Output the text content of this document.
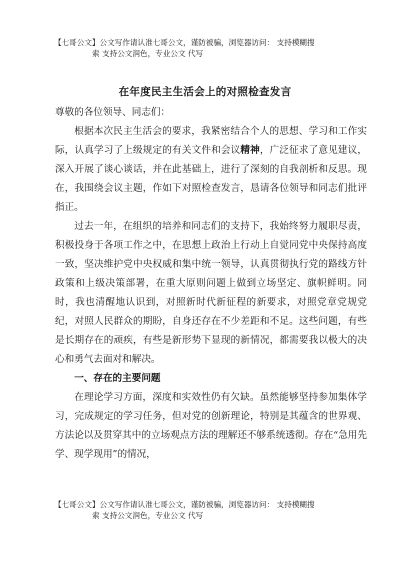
【七哥公文】公文写作请认准七哥公文，谨防被骗，浏览器访问： 支持模糊搜
索 支持公文润色，专业公文 代写
在年度民主生活会上的对照检查发言

尊敬的各位领导、同志们：

根据本次民主生活会的要求，我紧密结合个人的思想、学习和工作实际，认真学习了上级规定的有关文件和会议精神，广泛征求了意见建议，深入开展了谈心谈话，并在此基础上，进行了深刻的自我剖析和反思。现在，我围绕会议主题，作如下对照检查发言，恳请各位领导和同志们批评指正。

过去一年，在组织的培养和同志们的支持下，我始终努力履职尽责，积极投身于各项工作之中，在思想上政治上行动上自觉同党中央保持高度一致，坚决维护党中央权威和集中统一领导，认真贯彻执行党的路线方针政策和上级决策部署，在重大原则问题上做到立场坚定、旗帜鲜明。同时，我也清醒地认识到，对照新时代新征程的新要求，对照党章党规党纪，对照人民群众的期盼，自身还存在不少差距和不足。这些问题，有些是长期存在的顽疾，有些是新形势下显现的新情况，都需要我以极大的决心和勇气去面对和解决。

一、存在的主要问题

在理论学习方面，深度和实效性仍有欠缺。虽然能够坚持参加集体学习，完成规定的学习任务，但对党的创新理论，特别是其蕴含的世界观、方法论以及贯穿其中的立场观点方法的理解还不够系统透彻。存在“急用先学、现学现用”的情况，

【七哥公文】公文写作请认准七哥公文，谨防被骗，浏览器访问： 支持模糊搜
索 支持公文润色，专业公文 代写
